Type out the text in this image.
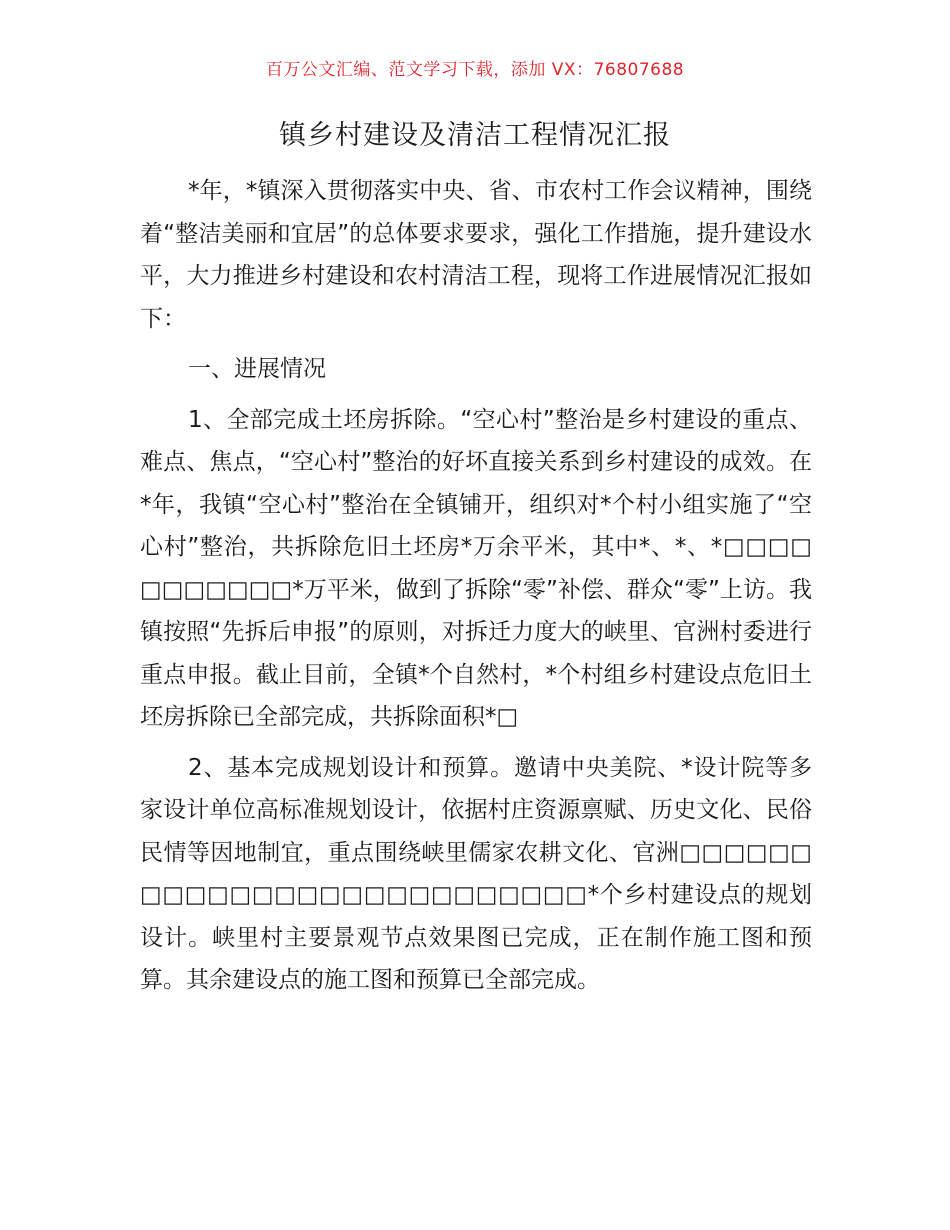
百万公文汇编、范文学习下载，添加 VX：76807688
镇乡村建设及清洁工程情况汇报

*年，*镇深入贯彻落实中央、省、市农村工作会议精神，围绕着“整洁美丽和宜居”的总体要求要求，强化工作措施，提升建设水平，大力推进乡村建设和农村清洁工程，现将工作进展情况汇报如下：

一、进展情况

1、全部完成土坯房拆除。“空心村”整治是乡村建设的重点、难点、焦点，“空心村”整治的好坏直接关系到乡村建设的成效。在*年，我镇“空心村”整治在全镇铺开，组织对*个村小组实施了“空心村”整治，共拆除危旧土坯房*万余平米，其中*、*、*□□□□□□□□□□□*万平米，做到了拆除“零”补偿、群众“零”上访。我镇按照“先拆后申报”的原则，对拆迁力度大的峡里、官洲村委进行重点申报。截止目前，全镇*个自然村，*个村组乡村建设点危旧土坯房拆除已全部完成，共拆除面积*□

2、基本完成规划设计和预算。邀请中央美院、*设计院等多家设计单位高标准规划设计，依据村庄资源禀赋、历史文化、民俗民情等因地制宜，重点围绕峡里儒家农耕文化、官洲□□□□□□□□□□□□□□□□□□□□□□□□□□*个乡村建设点的规划设计。峡里村主要景观节点效果图已完成，正在制作施工图和预算。其余建设点的施工图和预算已全部完成。
